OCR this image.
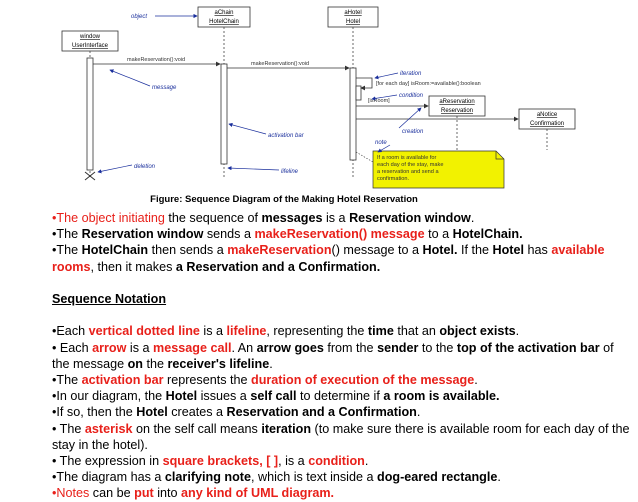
window
UserInterface
aChain
HotelChain
aHotel
Hotel
aReservation
Reservation
aNotice
Confirmation
makeReservation():void
makeReservation():void
[for each day] isRoom:=available():boolean
[isRoom]
If a room is available for
each day of the stay, make
a reservation and send a
confirmation.
object
message
iteration
condition
creation
note
activation bar
lifeline
deletion
Figure: Sequence Diagram of the Making Hotel Reservation

•The object initiating the sequence of messages is a Reservation window.

•The Reservation window sends a makeReservation() message to a HotelChain.

•The HotelChain then sends a makeReservation() message to a Hotel. If the Hotel has available rooms, then it makes a Reservation and a Confirmation.

Sequence Notation

•Each vertical dotted line is a lifeline, representing the time that an object exists.

• Each arrow is a message call. An arrow goes from the sender to the top of the activation bar of the message on the receiver's lifeline.

•The activation bar represents the duration of execution of the message.

•In our diagram, the Hotel issues a self call to determine if a room is available.

•If so, then the Hotel creates a Reservation and a Confirmation.

• The asterisk on the self call means iteration (to make sure there is available room for each day of the stay in the hotel).

• The expression in square brackets, [ ], is a condition.

•The diagram has a clarifying note, which is text inside a dog-eared rectangle.

•Notes can be put into any kind of UML diagram.
